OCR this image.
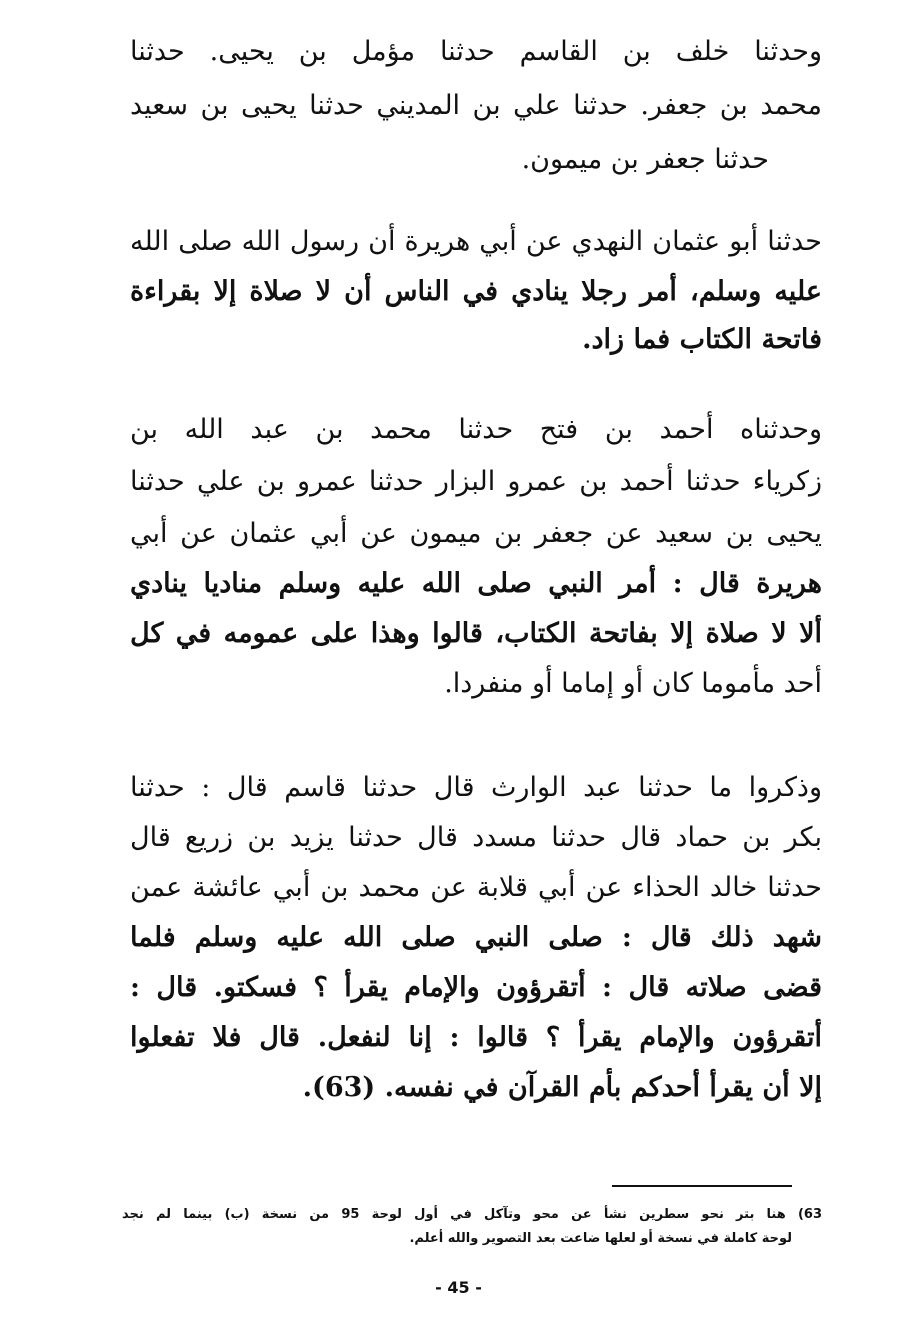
وحدثنا خلف بن القاسم حدثنا مؤمل بن يحيى. حدثنا
محمد بن جعفر. حدثنا علي بن المديني حدثنا يحيى بن سعيد
حدثنا جعفر بن ميمون.
حدثنا أبو عثمان النهدي عن أبي هريرة أن رسول الله صلى الله
عليه وسلم، أمر رجلا ينادي في الناس أن لا صلاة إلا بقراءة
فاتحة الكتاب فما زاد.
وحدثناه أحمد بن فتح حدثنا محمد بن عبد الله بن
زكرياء حدثنا أحمد بن عمرو البزار حدثنا عمرو بن علي حدثنا
يحيى بن سعيد عن جعفر بن ميمون عن أبي عثمان عن أبي
هريرة قال : أمر النبي صلى الله عليه وسلم مناديا ينادي
ألا لا صلاة إلا بفاتحة الكتاب، قالوا وهذا على عمومه في كل
أحد مأموما كان أو إماما أو منفردا.
وذكروا ما حدثنا عبد الوارث قال حدثنا قاسم قال : حدثنا
بكر بن حماد قال حدثنا مسدد قال حدثنا يزيد بن زريع قال
حدثنا خالد الحذاء عن أبي قلابة عن محمد بن أبي عائشة عمن
شهد ذلك قال : صلى النبي صلى الله عليه وسلم فلما
قضى صلاته قال : أتقرؤون والإمام يقرأ ؟ فسكتو. قال :
أتقرؤون والإمام يقرأ ؟ قالوا : إنا لنفعل. قال فلا تفعلوا
إلا أن يقرأ أحدكم بأم القرآن في نفسه. (63).
63) هنا بتر نحو سطرين نشأ عن محو وتآكل في أول لوحة 95 من نسخة (ب) بينما لم نجد
لوحة كاملة في نسخة أو لعلها ضاعت بعد التصوير والله أعلم.
- 45 -
